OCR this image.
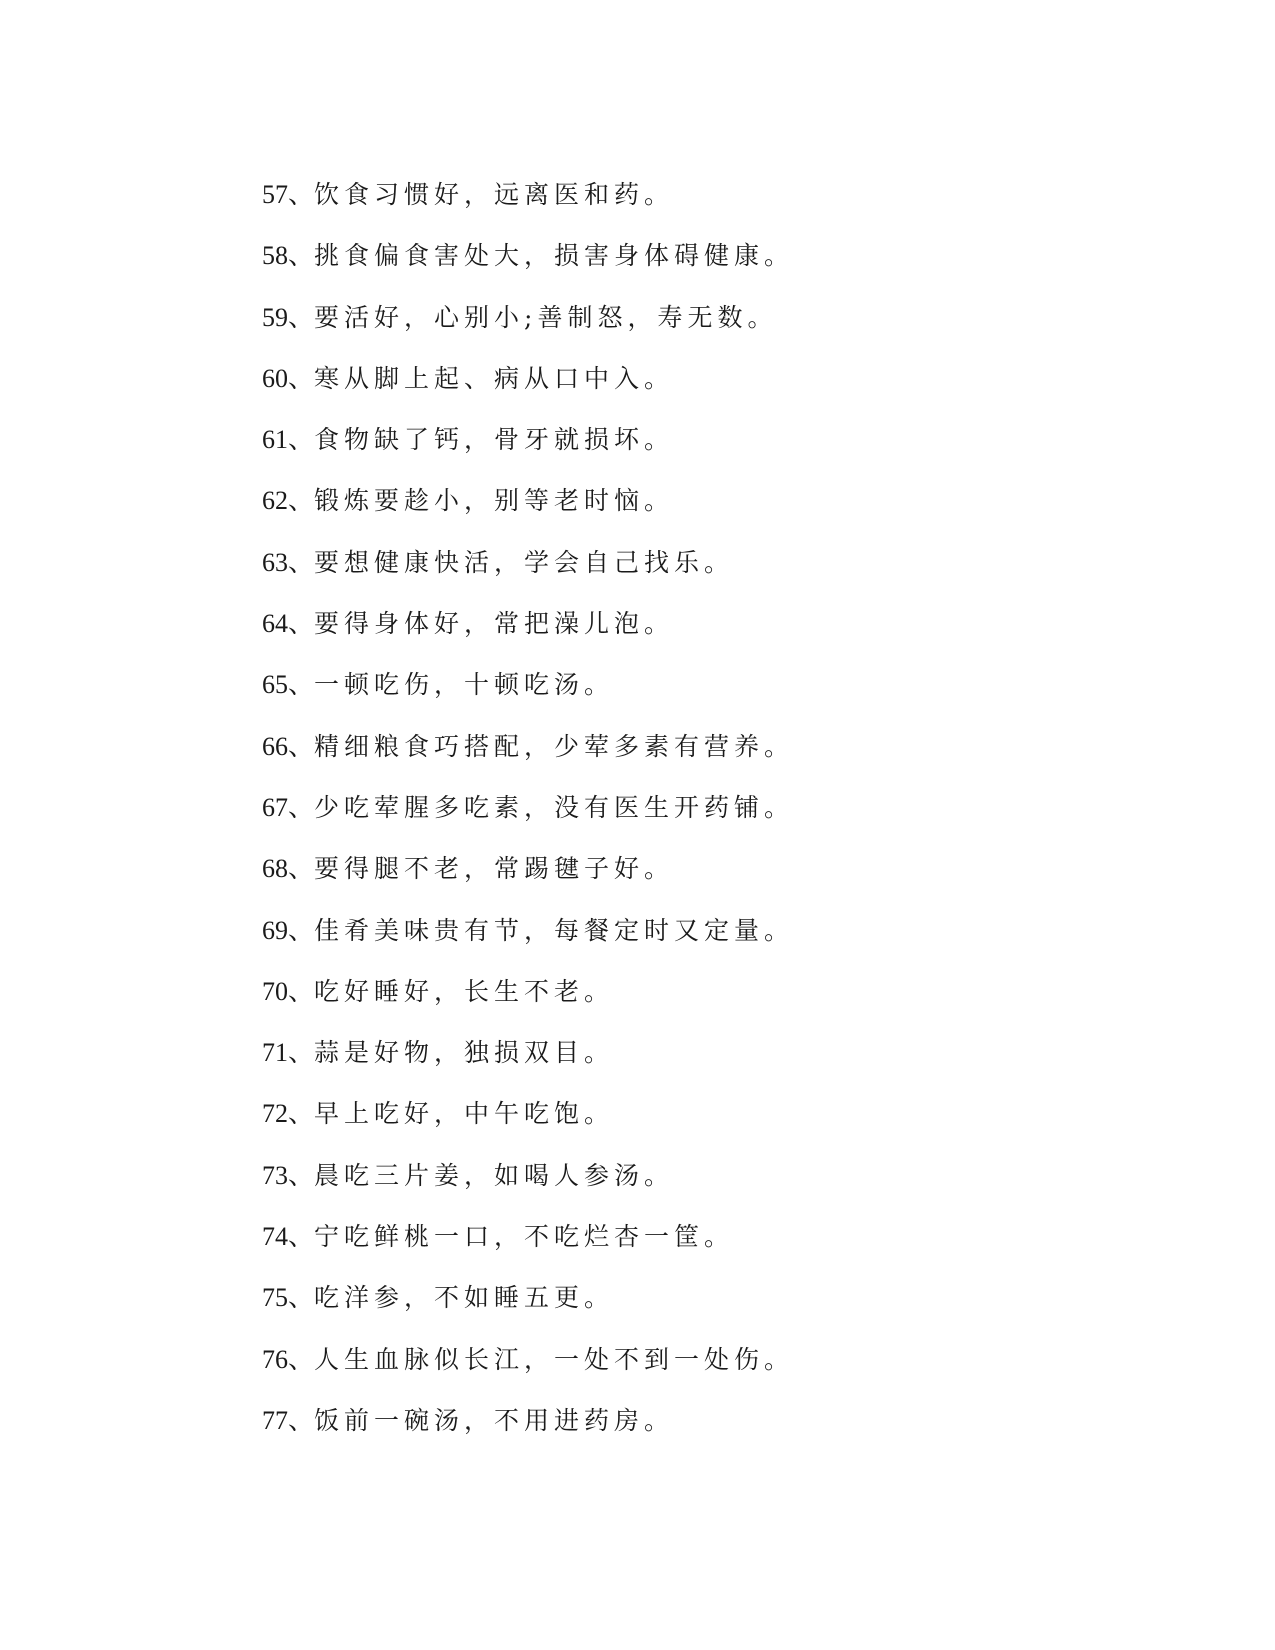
57、 饮食习惯好，远离医和药。
58、 挑食偏食害处大，损害身体碍健康。
59、 要活好，心别小;善制怒，寿无数。
60、 寒从脚上起、病从口中入。
61、 食物缺了钙，骨牙就损坏。
62、 锻炼要趁小，别等老时恼。
63、 要想健康快活，学会自己找乐。
64、 要得身体好，常把澡儿泡。
65、 一顿吃伤，十顿吃汤。
66、 精细粮食巧搭配，少荤多素有营养。
67、 少吃荤腥多吃素，没有医生开药铺。
68、 要得腿不老，常踢毽子好。
69、 佳肴美味贵有节，每餐定时又定量。
70、 吃好睡好，长生不老。
71、 蒜是好物，独损双目。
72、 早上吃好，中午吃饱。
73、 晨吃三片姜，如喝人参汤。
74、 宁吃鲜桃一口，不吃烂杏一筐。
75、 吃洋参，不如睡五更。
76、 人生血脉似长江，一处不到一处伤。
77、 饭前一碗汤，不用进药房。
